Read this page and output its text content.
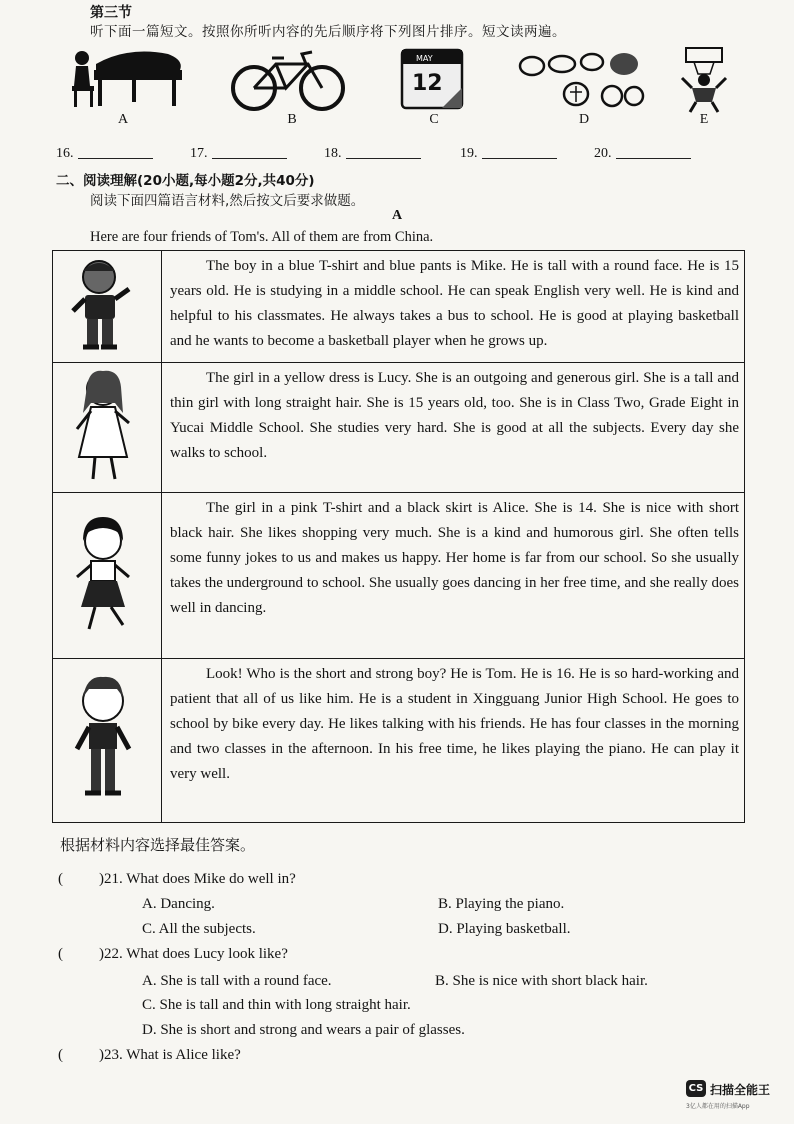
第三节
听下面一篇短文。按照你所听内容的先后顺序将下列图片排序。短文读两遍。
A	B
MAY
12
C	D	E
16.	17.	18.	19.	20.
二、阅读理解(20小题,每小题2分,共40分)
阅读下面四篇语言材料,然后按文后要求做题。
A
Here are four friends of Tom's. All of them are from China.

The boy in a blue T-shirt and blue pants is Mike. He is tall with a round face. He is 15 years old. He is studying in a middle school. He can speak English very well. He is kind and helpful to his classmates. He always takes a bus to school. He is good at playing basketball and he wants to become a basketball player when he grows up.

The girl in a yellow dress is Lucy. She is an outgoing and generous girl. She is a tall and thin girl with long straight hair. She is 15 years old, too. She is in Class Two, Grade Eight in Yucai Middle School. She studies very hard. She is good at all the subjects. Every day she walks to school.

The girl in a pink T-shirt and a black skirt is Alice. She is 14. She is nice with short black hair. She likes shopping very much. She is a kind and humorous girl. She often tells some funny jokes to us and makes us happy. Her home is far from our school. So she usually takes the underground to school. She usually goes dancing in her free time, and she really does well in dancing.

Look! Who is the short and strong boy? He is Tom. He is 16. He is so hard-working and patient that all of us like him. He is a student in Xingguang Junior High School. He goes to school by bike every day. He likes talking with his friends. He has four classes in the morning and two classes in the afternoon. In his free time, he likes playing the piano. He can play it very well.
根据材料内容选择最佳答案。
( )21. What does Mike do well in?
A. Dancing.	B. Playing the piano.
C. All the subjects.	D. Playing basketball.
( )22. What does Lucy look like?
A. She is tall with a round face.	B. She is nice with short black hair.
C. She is tall and thin with long straight hair.
D. She is short and strong and wears a pair of glasses.
( )23. What is Alice like?
CS 扫描全能王
3亿人都在用的扫描App
